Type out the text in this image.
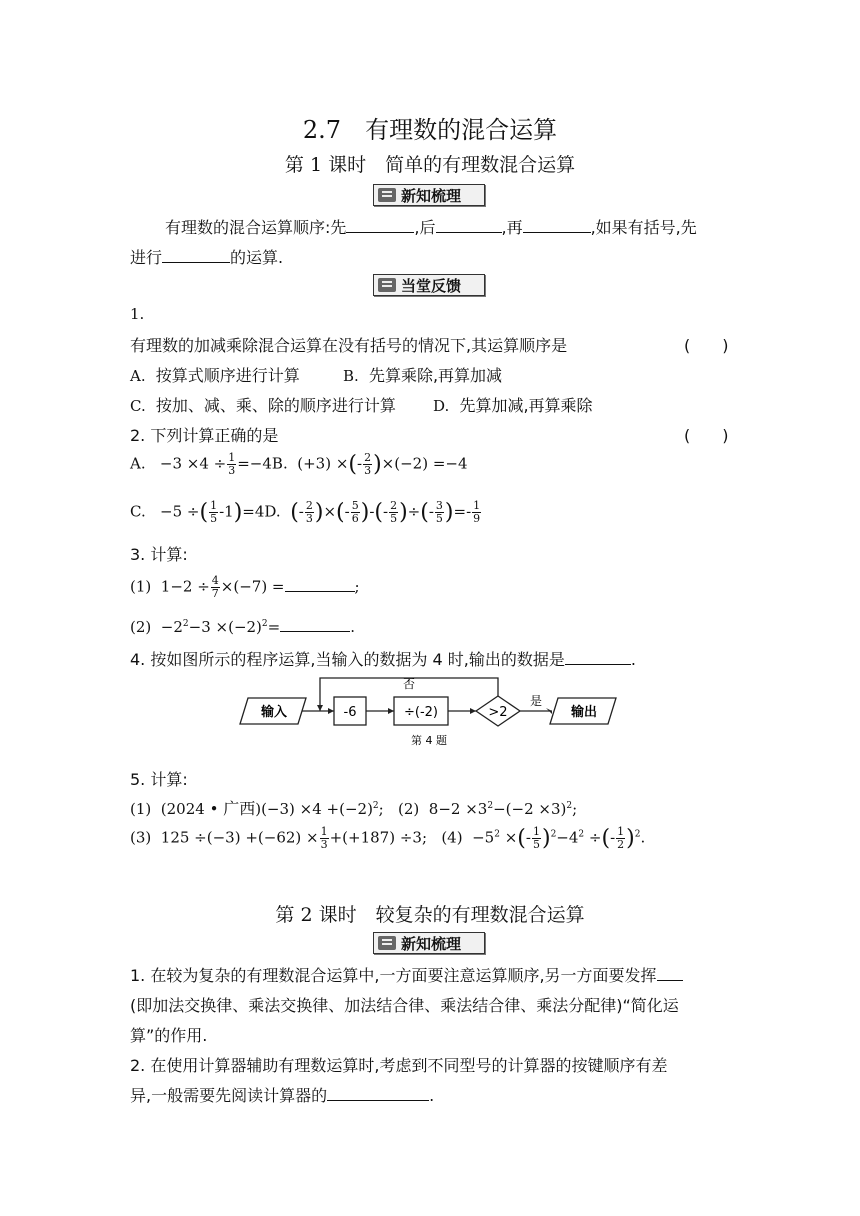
2.7　有理数的混合运算
第 1 课时　简单的有理数混合运算
新知梳理
有理数的混合运算顺序:先	,后	,再	,如果有括号,先
进行	的运算.
当堂反馈
1.
有理数的加减乘除混合运算在没有括号的情况下,其运算顺序是	(　　)
A. 按算式顺序进行计算	B. 先算乘除,再算加减
C. 按加、减、乘、除的顺序进行计算 D. 先算加减,再算乘除
2. 下列计算正确的是	(　　)
A.   $-3 \times 4 \div \frac{1}{3} =-4B$.  (+3) ×(- $\frac{2}{3} )\times(-2) =-4$
C.   −5 ÷( $\frac{1}{5} -1)=4D$.  (- $\frac{2}{3}$ )×(- $\frac{5}{6}$ )-(- $\frac{2}{5}$ )÷(- $\frac{3}{5}$ )=- $\frac{1}{9}$
3. 计算:
(1)  $1-2 \div \frac{4}{7} \times(-7)$ =	;
$(2) -2^2-3 \times(-2)^2=$	.
4. 按如图所示的程序运算,当输入的数据为 4 时,输出的数据是	.
输入	-6	÷(-2)	>2
否
是
输出
第 4 题
5. 计算:
(1)  (2024 • 广西)$(-3) \times 4 +(-2)^2$;   (2)  $8-2 \times 3^2-(-2 \times 3)^2$;
(3)  $125 \div(-3) +(-62) \times \frac{1}{3} +(+187) \div 3$;   $(4) -5^2$ ×(- $\frac{1}{5} )^2-4^2$ ÷(- $\frac{1}{2} )^2$.
第 2 课时　较复杂的有理数混合运算
新知梳理
1. 在较为复杂的有理数混合运算中,一方面要注意运算顺序,另一方面要发挥
(即加法交换律、乘法交换律、加法结合律、乘法结合律、乘法分配律)“简化运
算”的作用.
2. 在使用计算器辅助有理数运算时,考虑到不同型号的计算器的按键顺序有差
异,一般需要先阅读计算器的	.
